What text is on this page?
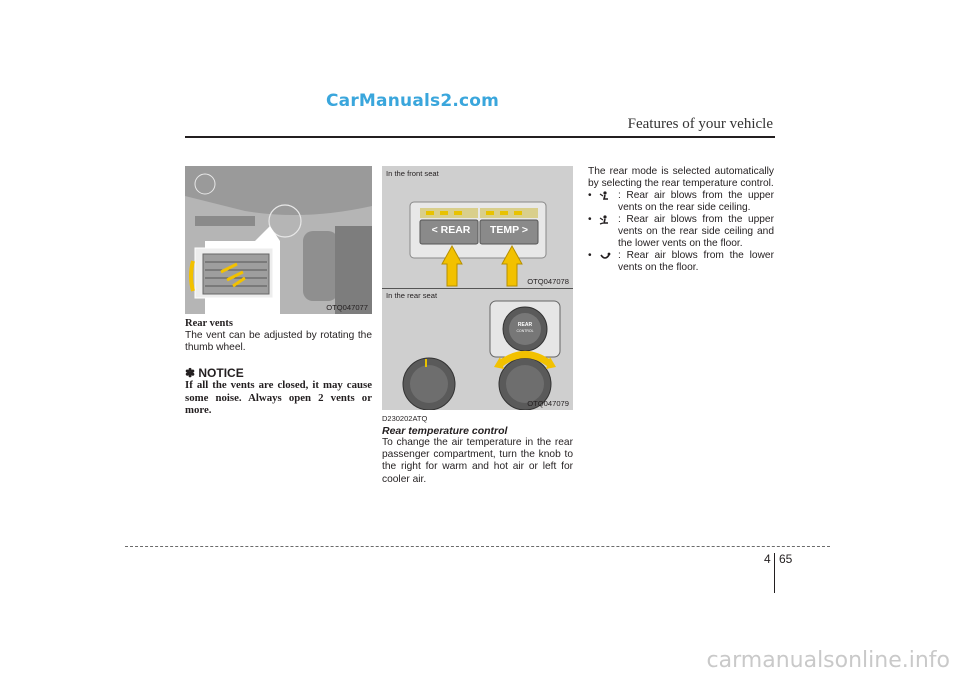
CarManuals2.com
Features of your vehicle
OTQ047077
Rear vents
The vent can be adjusted by rotating the thumb wheel.
✽ NOTICE
If all the vents are closed, it may cause some noise. Always open 2 vents or more.
In the front seat
< REAR	TEMP >
OTQ047078
In the rear seat
REAR
CONTROL
OTQ047079
D230202ATQ
Rear temperature control
To change the air temperature in the rear passenger compartment, turn the knob to the right for warm and hot air or left for cooler air.
The rear mode is selected automatically by selecting the rear temperature control.
•	: Rear air blows from the upper vents on the rear side ceiling.
•	: Rear air blows from the upper vents on the rear side ceiling and the lower vents on the floor.
•	: Rear air blows from the lower vents on the floor.
4 65
carmanualsonline.info
